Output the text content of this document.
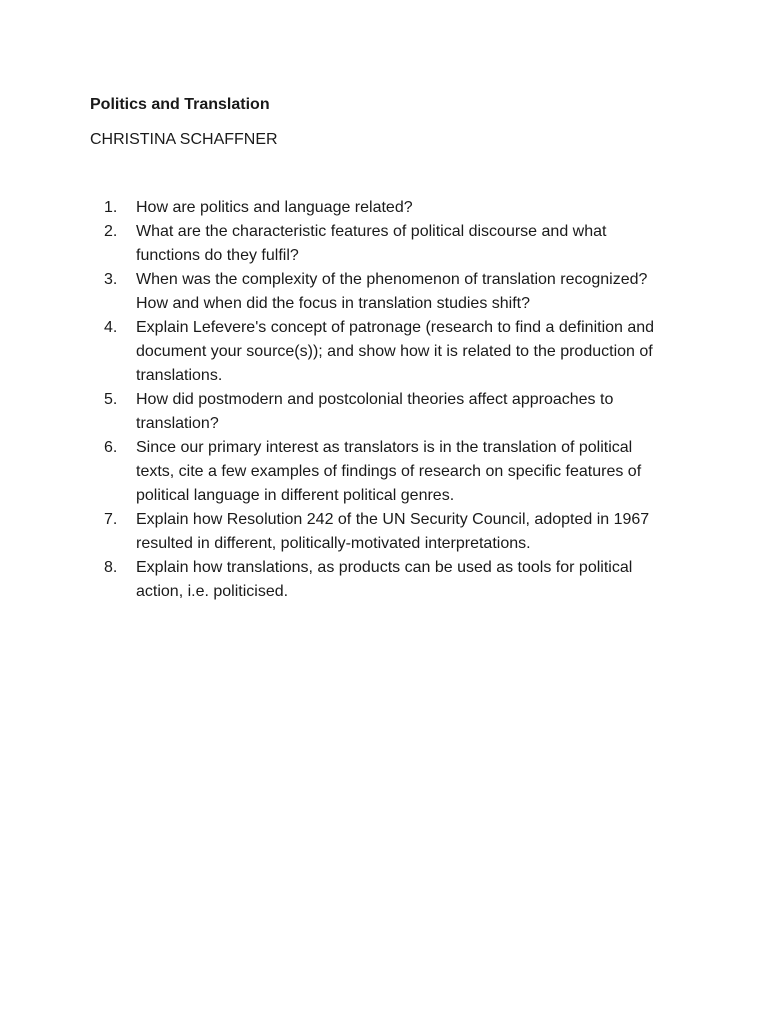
Politics and Translation

CHRISTINA SCHAFFNER

1.	How are politics and language related?
2.	What are the characteristic features of political discourse and what functions do they fulfil?
3.	When was the complexity of the phenomenon of translation recognized? How and when did the focus in translation studies shift?
4.	Explain Lefevere's concept of patronage (research to find a definition and document your source(s)); and show how it is related to the production of translations.
5.	How did postmodern and postcolonial theories affect approaches to translation?
6.	Since our primary interest as translators is in the translation of political texts, cite a few examples of findings of research on specific features of political language in different political genres.
7.	Explain how Resolution 242 of the UN Security Council, adopted in 1967 resulted in different, politically-motivated interpretations.
8.	Explain how translations, as products can be used as tools for political action, i.e. politicised.
